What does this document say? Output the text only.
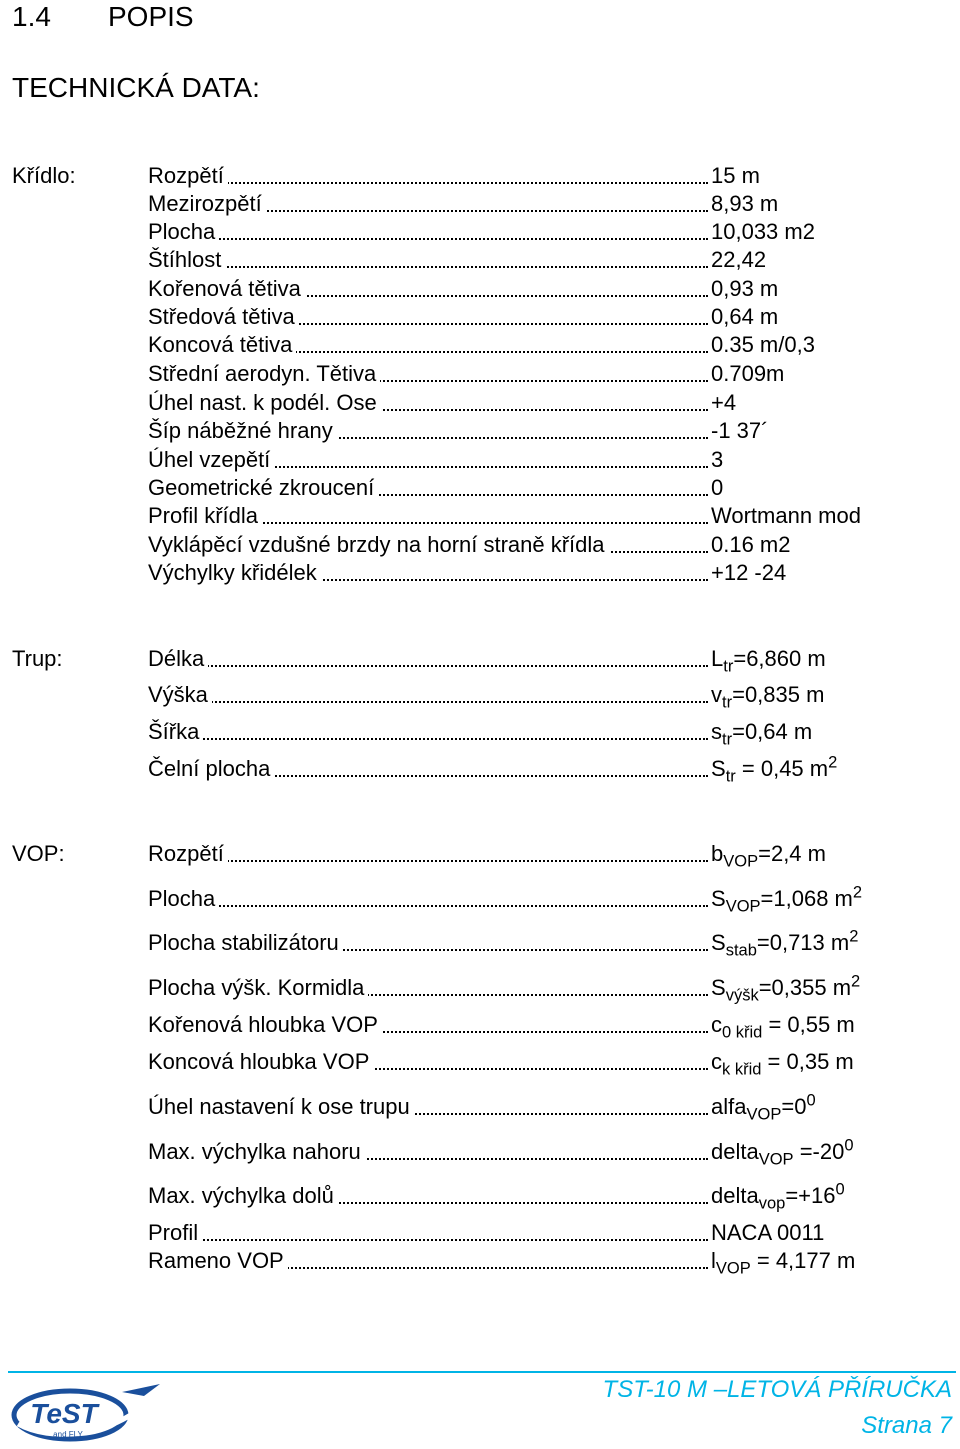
1.4 POPIS
TECHNICKÁ DATA:
Křídlo:	Rozpětí	15 m
Mezirozpětí	8,93 m
Plocha	10,033 m2
Štíhlost	22,42
Kořenová tětiva	0,93 m
Středová tětiva	0,64 m
Koncová tětiva	0.35 m/0,3
Střední aerodyn. Tětiva	0.709m
Úhel nast. k podél. Ose	+4
Šíp náběžné hrany	-1 37´
Úhel vzepětí	3
Geometrické zkroucení	0
Profil křídla	Wortmann mod
Vyklápěcí vzdušné brzdy na horní straně křídla	0.16 m2
Výchylky křidélek	+12 -24
Trup:	Délka	$L_{tr}=6,860$ m
Výška	$v_{tr}=0,835$ m
Šířka	$s_{tr}=0,64$ m
Čelní plocha	$S_{tr} = 0,45$ $m^2$
VOP:	Rozpětí	$b_{VOP}=2,4$ m
Plocha	$S_{VOP}=1,068$ $m^2$
Plocha stabilizátoru	$S_{stab}=0,713$ $m^2$
Plocha výšk. Kormidla	$S_{výšk}=0,355$ $m^2$
Kořenová hloubka VOP	$c_{0 křid} = 0,55$ m
Koncová hloubka VOP	$c_{k křid} = 0,35$ m
Úhel nastavení k ose trupu	$alfa_{VOP}=0^0$
Max. výchylka nahoru	delta$_{VOP}$ $=-20^0$
Max. výchylka dolů	$delta_{vop}=+16^0$
Profil	NACA 0011
Rameno VOP	$l_{VOP} = 4,177$ m
TeST
and FLY
TST-10 M –LETOVÁ PŘÍRUČKA
Strana 7
